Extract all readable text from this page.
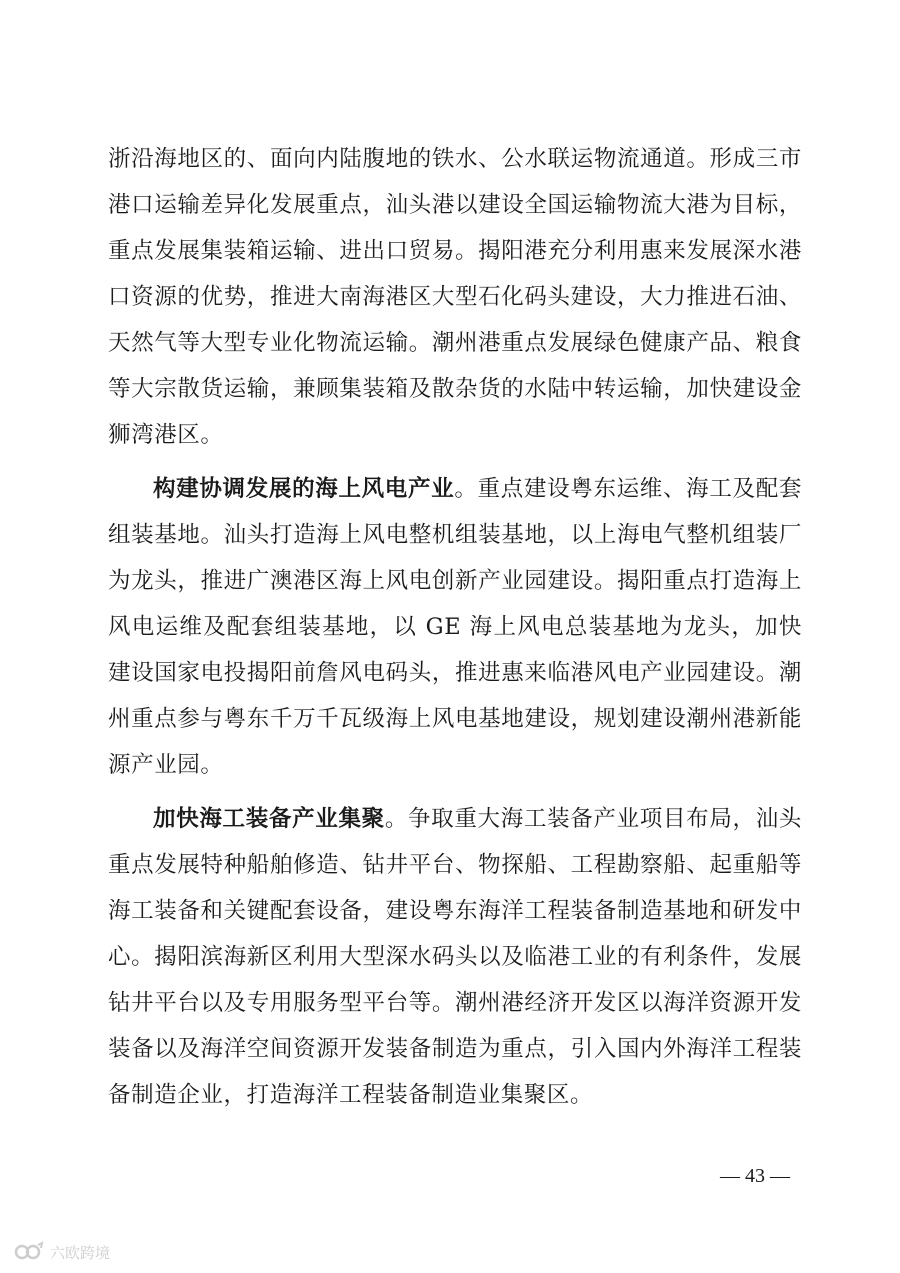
浙沿海地区的、面向内陆腹地的铁水、公水联运物流通道。形成三市港口运输差异化发展重点，汕头港以建设全国运输物流大港为目标，重点发展集装箱运输、进出口贸易。揭阳港充分利用惠来发展深水港口资源的优势，推进大南海港区大型石化码头建设，大力推进石油、天然气等大型专业化物流运输。潮州港重点发展绿色健康产品、粮食等大宗散货运输，兼顾集装箱及散杂货的水陆中转运输，加快建设金狮湾港区。

构建协调发展的海上风电产业。重点建设粤东运维、海工及配套组装基地。汕头打造海上风电整机组装基地，以上海电气整机组装厂为龙头，推进广澳港区海上风电创新产业园建设。揭阳重点打造海上风电运维及配套组装基地，以 GE 海上风电总装基地为龙头，加快建设国家电投揭阳前詹风电码头，推进惠来临港风电产业园建设。潮州重点参与粤东千万千瓦级海上风电基地建设，规划建设潮州港新能源产业园。

加快海工装备产业集聚。争取重大海工装备产业项目布局，汕头重点发展特种船舶修造、钻井平台、物探船、工程勘察船、起重船等海工装备和关键配套设备，建设粤东海洋工程装备制造基地和研发中心。揭阳滨海新区利用大型深水码头以及临港工业的有利条件，发展钻井平台以及专用服务型平台等。潮州港经济开发区以海洋资源开发装备以及海洋空间资源开发装备制造为重点，引入国内外海洋工程装备制造企业，打造海洋工程装备制造业集聚区。

— 43 —
六欧跨境
